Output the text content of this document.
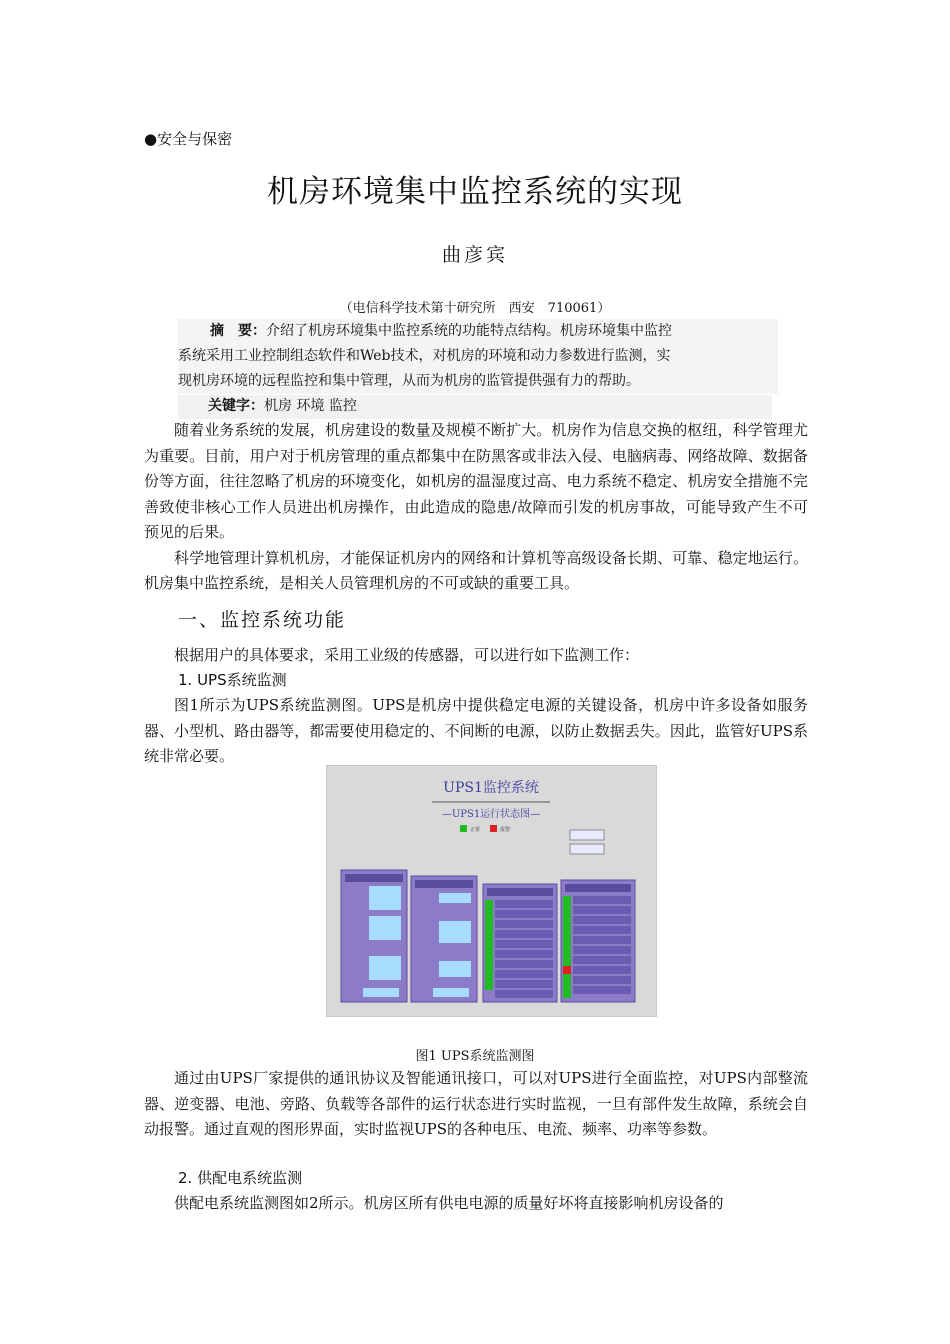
●安全与保密
机房环境集中监控系统的实现
曲彦宾
（电信科学技术第十研究所　西安　710061）
摘　要：介绍了机房环境集中监控系统的功能特点结构。机房环境集中监控
系统采用工业控制组态软件和Web技术，对机房的环境和动力参数进行监测，实
现机房环境的远程监控和集中管理，从而为机房的监管提供强有力的帮助。
关键字：机房 环境 监控

随着业务系统的发展，机房建设的数量及规模不断扩大。机房作为信息交换的枢纽，科学管理尤为重要。目前，用户对于机房管理的重点都集中在防黑客或非法入侵、电脑病毒、网络故障、数据备份等方面，往往忽略了机房的环境变化，如机房的温湿度过高、电力系统不稳定、机房安全措施不完善致使非核心工作人员进出机房操作，由此造成的隐患/故障而引发的机房事故，可能导致产生不可预见的后果。

科学地管理计算机机房，才能保证机房内的网络和计算机等高级设备长期、可靠、稳定地运行。机房集中监控系统，是相关人员管理机房的不可或缺的重要工具。

一、监控系统功能

根据用户的具体要求，采用工业级的传感器，可以进行如下监测工作：

1. UPS系统监测

图1所示为UPS系统监测图。UPS是机房中提供稳定电源的关键设备，机房中许多设备如服务器、小型机、路由器等，都需要使用稳定的、不间断的电源，以防止数据丢失。因此，监管好UPS系统非常必要。

UPS1监控系统
—UPS1运行状态图—
正常	报警
图1 UPS系统监测图

通过由UPS厂家提供的通讯协议及智能通讯接口，可以对UPS进行全面监控，对UPS内部整流器、逆变器、电池、旁路、负载等各部件的运行状态进行实时监视，一旦有部件发生故障，系统会自动报警。通过直观的图形界面，实时监视UPS的各种电压、电流、频率、功率等参数。

2. 供配电系统监测

供配电系统监测图如2所示。机房区所有供电电源的质量好坏将直接影响机房设备的
